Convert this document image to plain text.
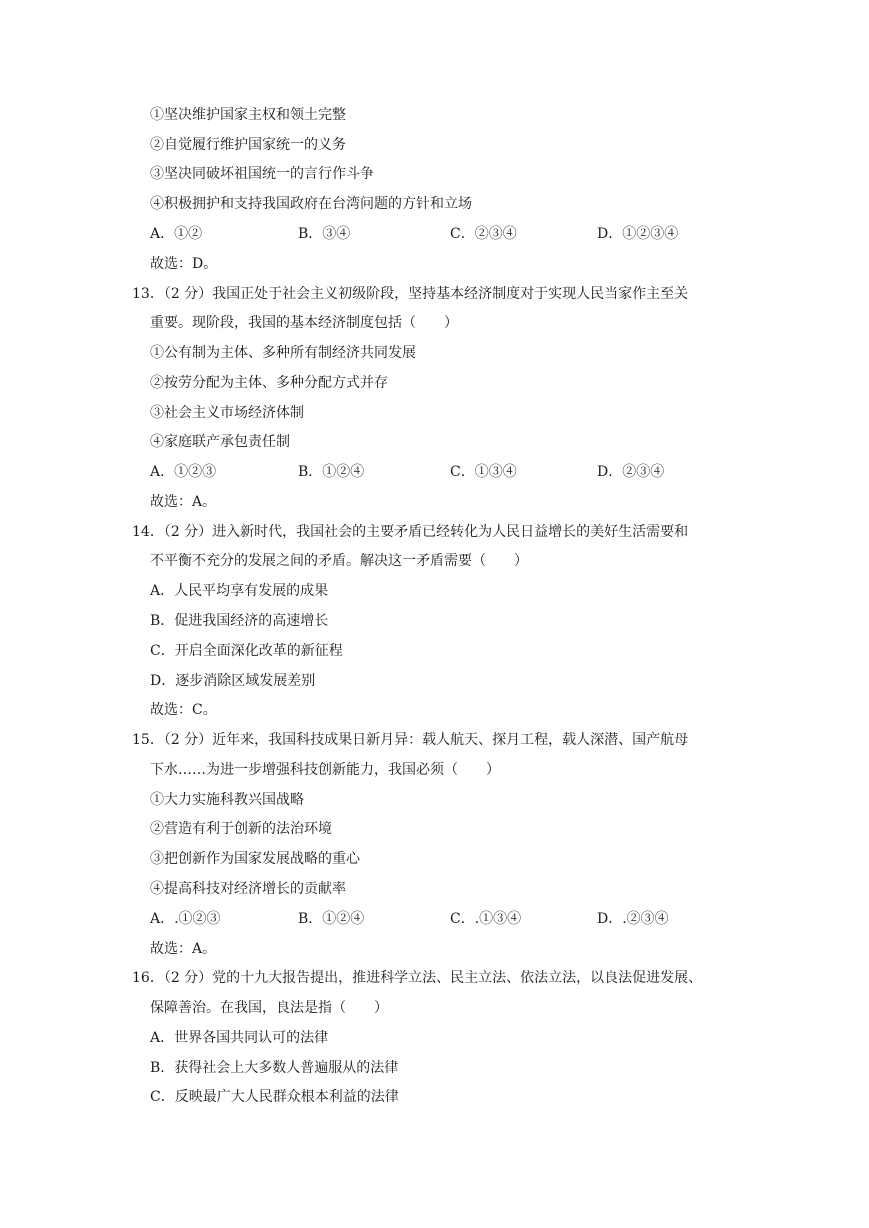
①坚决维护国家主权和领土完整
②自觉履行维护国家统一的义务
③坚决同破坏祖国统一的言行作斗争
④积极拥护和支持我国政府在台湾问题的方针和立场
A．①②	B．③④	C．②③④	D．①②③④
故选：D。
13．（2 分）我国正处于社会主义初级阶段，坚持基本经济制度对于实现人民当家作主至关
重要。现阶段，我国的基本经济制度包括（　　）
①公有制为主体、多种所有制经济共同发展
②按劳分配为主体、多种分配方式并存
③社会主义市场经济体制
④家庭联产承包责任制
A．①②③	B．①②④	C．①③④	D．②③④
故选：A。
14．（2 分）进入新时代，我国社会的主要矛盾已经转化为人民日益增长的美好生活需要和
不平衡不充分的发展之间的矛盾。解决这一矛盾需要（　　）
A．人民平均享有发展的成果
B．促进我国经济的高速增长
C．开启全面深化改革的新征程
D．逐步消除区域发展差别
故选：C。
15．（2 分）近年来，我国科技成果日新月异：载人航天、探月工程，载人深潜、国产航母
下水……为进一步增强科技创新能力，我国必须（　　）
①大力实施科教兴国战略
②营造有利于创新的法治环境
③把创新作为国家发展战略的重心
④提高科技对经济增长的贡献率
A．.①②③	B．①②④	C．.①③④	D．.②③④
故选：A。
16．（2 分）党的十九大报告提出，推进科学立法、民主立法、依法立法，以良法促进发展、
保障善治。在我国，良法是指（　　）
A．世界各国共同认可的法律
B．获得社会上大多数人普遍服从的法律
C．反映最广大人民群众根本利益的法律
